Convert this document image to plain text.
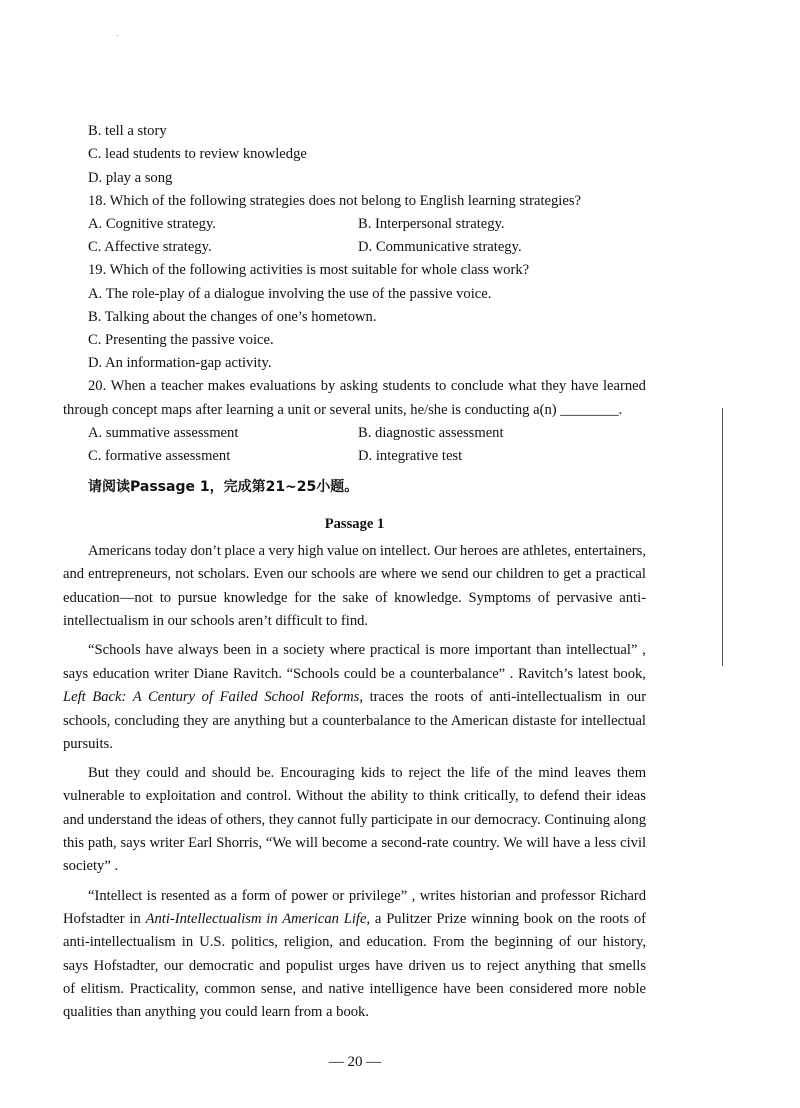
B. tell a story
C. lead students to review knowledge
D. play a song
18. Which of the following strategies does not belong to English learning strategies?
A. Cognitive strategy.	B. Interpersonal strategy.
C. Affective strategy.	D. Communicative strategy.
19. Which of the following activities is most suitable for whole class work?
A. The role-play of a dialogue involving the use of the passive voice.
B. Talking about the changes of one’s hometown.
C. Presenting the passive voice.
D. An information-gap activity.
20. When a teacher makes evaluations by asking students to conclude what they have learned
through concept maps after learning a unit or several units, he/she is conducting a(n) ________.
A. summative assessment	B. diagnostic assessment
C. formative assessment	D. integrative test
请阅读Passage 1，完成第21~25小题。
Passage 1
Americans today don’t place a very high value on intellect. Our heroes are athletes, entertainers,
and entrepreneurs, not scholars. Even our schools are where we send our children to get a practical
education—not to pursue knowledge for the sake of knowledge. Symptoms of pervasive anti-
intellectualism in our schools aren’t difficult to find.
“Schools have always been in a society where practical is more important than intellectual” ,
says education writer Diane Ravitch. “Schools could be a counterbalance” . Ravitch’s latest book,
Left Back: A Century of Failed School Reforms, traces the roots of anti-intellectualism in our
schools, concluding they are anything but a counterbalance to the American distaste for intellectual
pursuits.
But they could and should be. Encouraging kids to reject the life of the mind leaves them
vulnerable to exploitation and control. Without the ability to think critically, to defend their ideas
and understand the ideas of others, they cannot fully participate in our democracy. Continuing along
this path, says writer Earl Shorris, “We will become a second-rate country. We will have a less civil
society” .
“Intellect is resented as a form of power or privilege” , writes historian and professor Richard
Hofstadter in Anti-Intellectualism in American Life, a Pulitzer Prize winning book on the roots of
anti-intellectualism in U.S. politics, religion, and education. From the beginning of our history,
says Hofstadter, our democratic and populist urges have driven us to reject anything that smells
of elitism. Practicality, common sense, and native intelligence have been considered more noble
qualities than anything you could learn from a book.
— 20 —
